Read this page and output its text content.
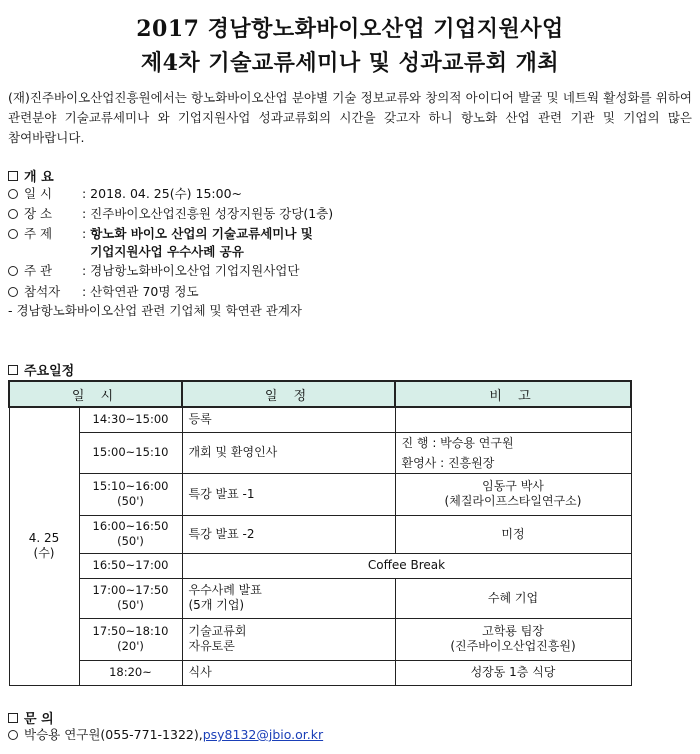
2017 경남항노화바이오산업 기업지원사업
제4차 기술교류세미나 및 성과교류회 개최

(재)진주바이오산업진흥원에서는 항노화바이오산업 분야별 기술 정보교류와 창의적 아이디어 발굴 및 네트웍 활성화를 위하여 관련분야 기술교류세미나 와 기업지원사업 성과교류회의 시간을 갖고자 하니 항노화 산업 관련 기관 및 기업의 많은 참여바랍니다.

개 요
일 시	: 2018. 04. 25(수) 15:00~
장 소	: 진주바이오산업진흥원 성장지원동 강당(1층)
주 제	: 항노화 바이오 산업의 기술교류세미나 및
기업지원사업 우수사례 공유
주 관	: 경남항노화바이오산업 기업지원사업단
참석자	: 산학연관 70명 정도
- 경남항노화바이오산업 관련 기업체 및 학연관 관계자
주요일정
일 시		일 정	비 고
4. 25
(수)	14:30~15:00	등록	
	15:00~15:10	개회 및 환영인사	진 행 : 박승용 연구원
환영사 : 진흥원장
	15:10~16:00
(50')	특강 발표 -1	임동구 박사
(체질라이프스타일연구소)
	16:00~16:50
(50')	특강 발표 -2	미정
	16:50~17:00	Coffee Break	
	17:00~17:50
(50')	우수사례 발표
(5개 기업)	수혜 기업
	17:50~18:10
(20')	기술교류회
자유토론	고학룡 팀장
(진주바이오산업진흥원)
	18:20~	식사	성장동 1층 식당
문 의
박승용 연구원(055-771-1322), psy8132@jbio.or.kr
